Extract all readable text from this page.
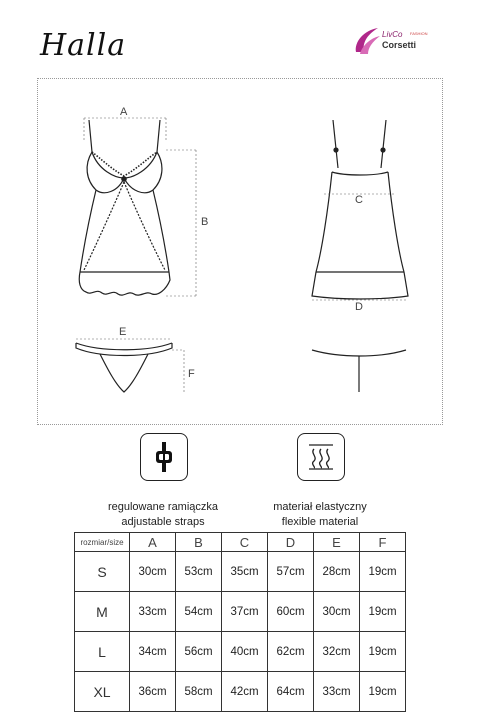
Halla	LivCo FASHION
Corsetti
A
B
C
D
E
F
regulowane ramiączka
adjustable straps
materiał elastyczny
flexible material
rozmiar/size	A	B	C	D	E	F
S	30cm	53cm	35cm	57cm	28cm	19cm
M	33cm	54cm	37cm	60cm	30cm	19cm
L	34cm	56cm	40cm	62cm	32cm	19cm
XL	36cm	58cm	42cm	64cm	33cm	19cm
